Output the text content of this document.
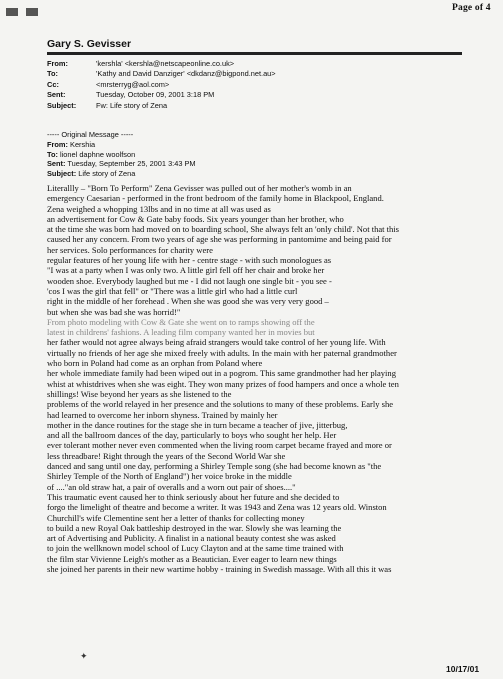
Page of 4
Gary S. Gevisser
From:	'kershla' <kershla@netscapeonline.co.uk>
To:	'Kathy and David Danziger' <dkdanz@bigpond.net.au>
Cc:	<mrsterryg@aol.com>
Sent:	Tuesday, October 09, 2001 3:18 PM
Subject:	Fw: Life story of Zena
----- Original Message -----
From: Kershia
To: lionel daphne woolfson
Sent: Tuesday, September 25, 2001 3:43 PM
Subject: Life story of Zena
Literallly – "Born To Perform" Zena Gevisser was pulled out of her mother's womb in an
emergency Caesarian - performed in the front bedroom of the family home in Blackpool, England.
Zena weighed a whopping 13lbs and in no time at all was used as
an advertisement for Cow & Gate baby foods. Six years younger than her brother, who
at the time she was born had moved on to boarding school, She always felt an 'only child'. Not that this
caused her any concern. From two years of age she was performing in pantomime and being paid for
her services. Solo performances for charity were
regular features of her young life with her - centre stage - with such monologues as
"I was at a party when I was only two. A little girl fell off her chair and broke her
wooden shoe. Everybody laughed but me - I did not laugh one single bit - you see -
'cos I was the girl that fell" or "There was a little girl who had a little curl
right in the middle of her forehead . When she was good she was very very good –
but when she was bad she was horrid!"
From photo modeling with Cow & Gate she went on to ramps showing off the
latest in childrens' fashions. A leading film company wanted her in movies but
her father would not agree always being afraid strangers would take control of her young life. With
virtually no friends of her age she mixed freely with adults. In the main with her paternal grandmother
who born in Poland had come as an orphan from Poland where
her whole immediate family had been wiped out in a pogrom. This same grandmother had her playing
whist at whistdrives when she was eight. They won many prizes of food hampers and once a whole ten
shillings! Wise beyond her years as she listened to the
problems of the world relayed in her presence and the solutions to many of these problems. Early she
had learned to overcome her inborn shyness. Trained by mainly her
mother in the dance routines for the stage she in turn became a teacher of jive, jitterbug,
and all the ballroom dances of the day, particularly to boys who sought her help. Her
ever tolerant mother never even commented when the living room carpet became frayed and more or
less threadbare! Right through the years of the Second World War she
danced and sang until one day, performing a Shirley Temple song (she had become known as "the
Shirley Temple of the North of England") her voice broke in the middle
of ...."an old straw hat, a pair of overalls and a worn out pair of shoes...."
This traumatic event caused her to think seriously about her future and she decided to
forgo the limelight of theatre and become a writer. It was 1943 and Zena was 12 years old. Winston
Churchill's wife Clementine sent her a letter of thanks for collecting money
to build a new Royal Oak battleship destroyed in the war. Slowly she was learning the
art of Advertising and Publicity. A finalist in a national beauty contest she was asked
to join the wellknown model school of Lucy Clayton and at the same time trained with
the film star Vivienne Leigh's mother as a Beautician. Ever eager to learn new things
she joined her parents in their new wartime hobby - training in Swedish massage. With all this it was
✦
10/17/01
